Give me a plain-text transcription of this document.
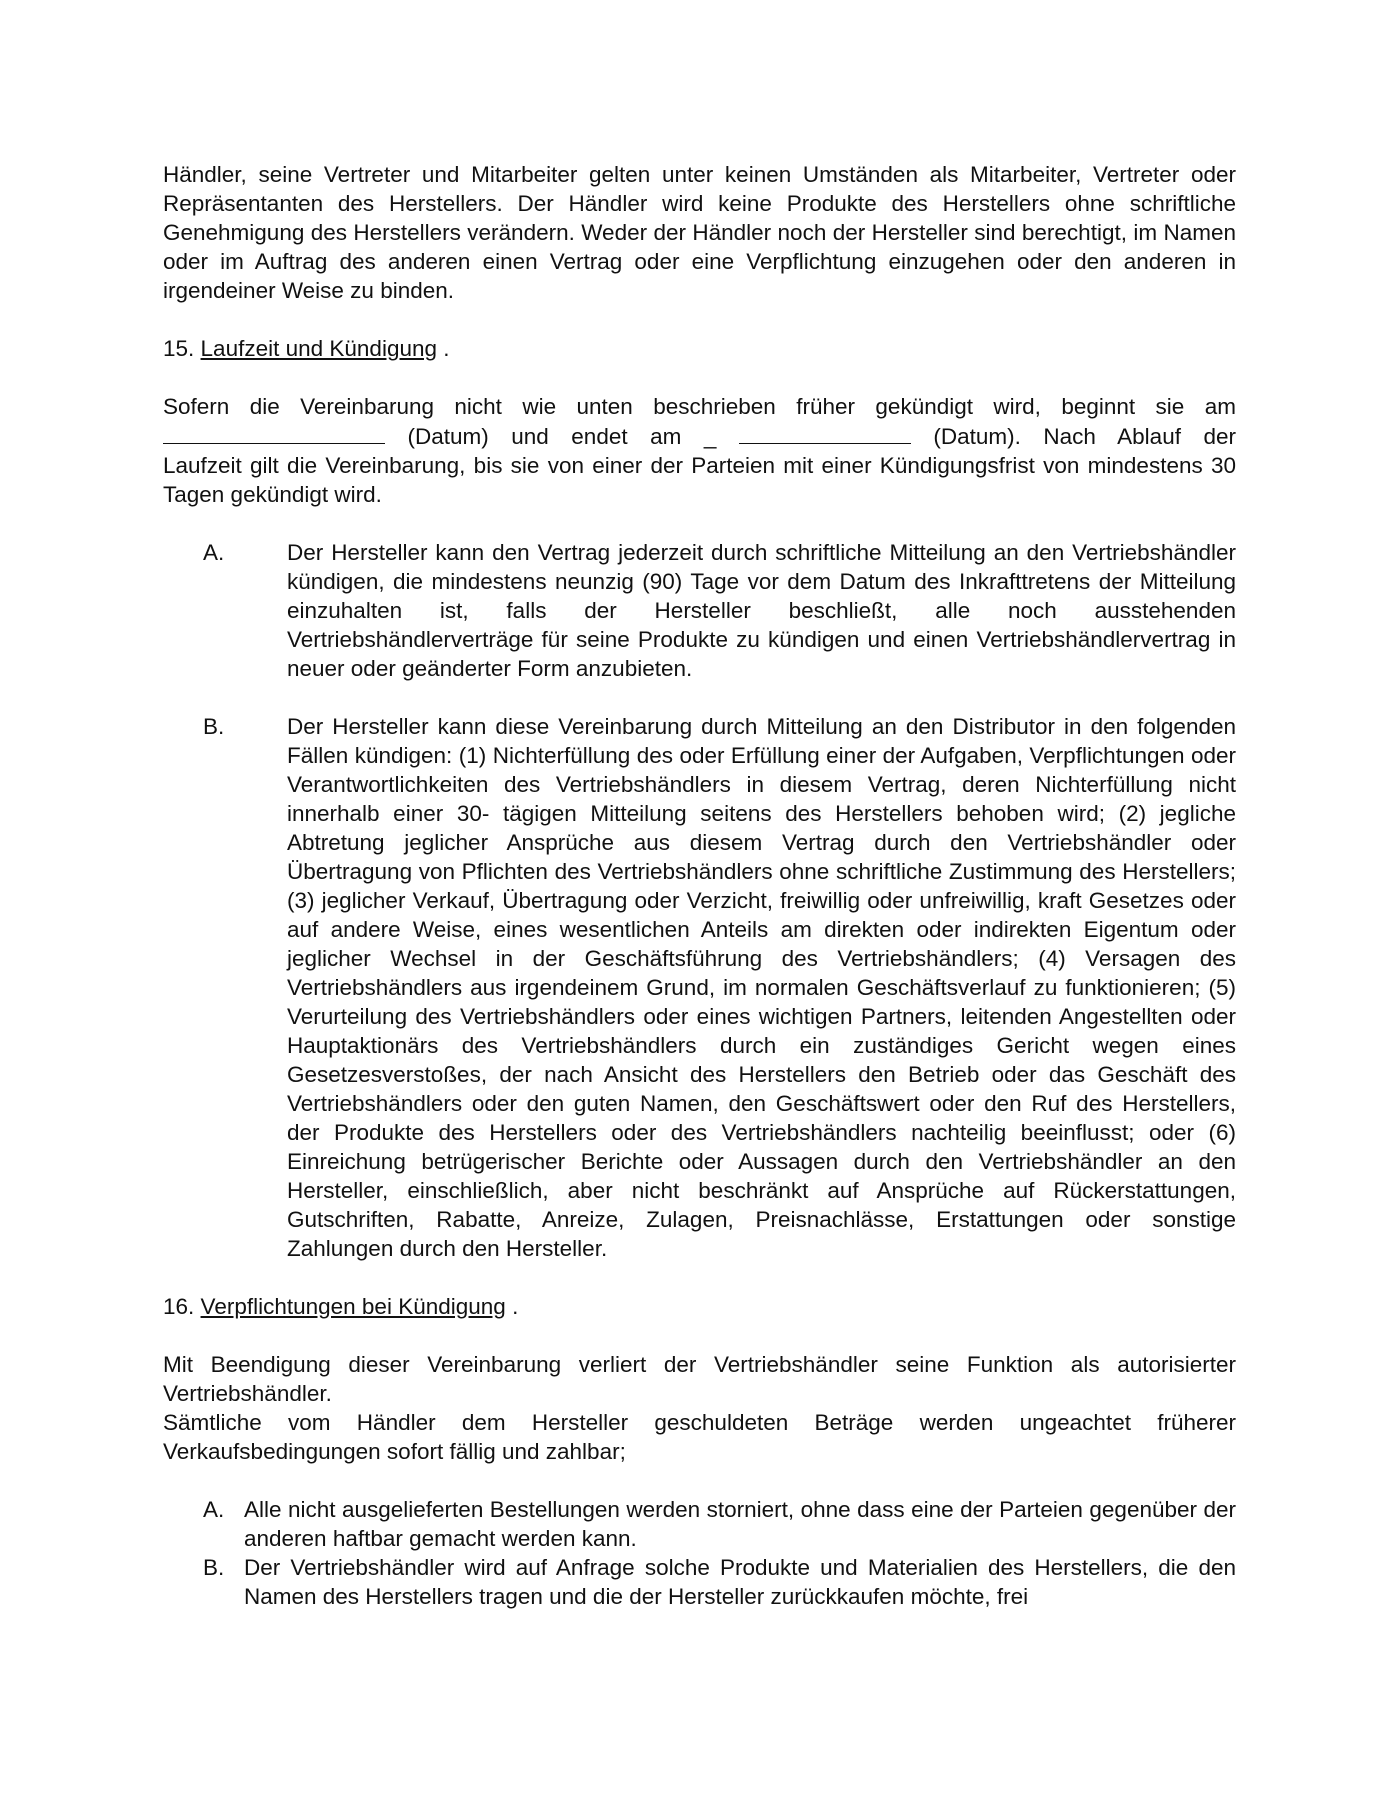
Händler, seine Vertreter und Mitarbeiter gelten unter keinen Umständen als Mitarbeiter, Vertreter oder Repräsentanten des Herstellers. Der Händler wird keine Produkte des Herstellers ohne schriftliche Genehmigung des Herstellers verändern. Weder der Händler noch der Hersteller sind berechtigt, im Namen oder im Auftrag des anderen einen Vertrag oder eine Verpflichtung einzugehen oder den anderen in irgendeiner Weise zu binden.

15. Laufzeit und Kündigung .

Sofern die Vereinbarung nicht wie unten beschrieben früher gekündigt wird, beginnt sie am
(Datum) und endet am _	(Datum). Nach Ablauf der

Laufzeit gilt die Vereinbarung, bis sie von einer der Parteien mit einer Kündigungsfrist von mindestens 30 Tagen gekündigt wird.

A.	Der Hersteller kann den Vertrag jederzeit durch schriftliche Mitteilung an den Vertriebshändler kündigen, die mindestens neunzig (90) Tage vor dem Datum des Inkrafttretens der Mitteilung einzuhalten ist, falls der Hersteller beschließt, alle noch ausstehenden Vertriebshändlerverträge für seine Produkte zu kündigen und einen Vertriebshändlervertrag in neuer oder geänderter Form anzubieten.
B.	Der Hersteller kann diese Vereinbarung durch Mitteilung an den Distributor in den folgenden Fällen kündigen: (1) Nichterfüllung des oder Erfüllung einer der Aufgaben, Verpflichtungen oder Verantwortlichkeiten des Vertriebshändlers in diesem Vertrag, deren Nichterfüllung nicht innerhalb einer 30- tägigen Mitteilung seitens des Herstellers behoben wird; (2) jegliche Abtretung jeglicher Ansprüche aus diesem Vertrag durch den Vertriebshändler oder Übertragung von Pflichten des Vertriebshändlers ohne schriftliche Zustimmung des Herstellers; (3) jeglicher Verkauf, Übertragung oder Verzicht, freiwillig oder unfreiwillig, kraft Gesetzes oder auf andere Weise, eines wesentlichen Anteils am direkten oder indirekten Eigentum oder jeglicher Wechsel in der Geschäftsführung des Vertriebshändlers; (4) Versagen des Vertriebshändlers aus irgendeinem Grund, im normalen Geschäftsverlauf zu funktionieren; (5) Verurteilung des Vertriebshändlers oder eines wichtigen Partners, leitenden Angestellten oder Hauptaktionärs des Vertriebshändlers durch ein zuständiges Gericht wegen eines Gesetzesverstoßes, der nach Ansicht des Herstellers den Betrieb oder das Geschäft des Vertriebshändlers oder den guten Namen, den Geschäftswert oder den Ruf des Herstellers, der Produkte des Herstellers oder des Vertriebshändlers nachteilig beeinflusst; oder (6) Einreichung betrügerischer Berichte oder Aussagen durch den Vertriebshändler an den Hersteller, einschließlich, aber nicht beschränkt auf Ansprüche auf Rückerstattungen, Gutschriften, Rabatte, Anreize, Zulagen, Preisnachlässe, Erstattungen oder sonstige Zahlungen durch den Hersteller.

16. Verpflichtungen bei Kündigung .

Mit Beendigung dieser Vereinbarung verliert der Vertriebshändler seine Funktion als autorisierter Vertriebshändler.

Sämtliche vom Händler dem Hersteller geschuldeten Beträge werden ungeachtet früherer Verkaufsbedingungen sofort fällig und zahlbar;

A. Alle nicht ausgelieferten Bestellungen werden storniert, ohne dass eine der Parteien gegenüber der anderen haftbar gemacht werden kann.
B. Der Vertriebshändler wird auf Anfrage solche Produkte und Materialien des Herstellers, die den Namen des Herstellers tragen und die der Hersteller zurückkaufen möchte, frei
